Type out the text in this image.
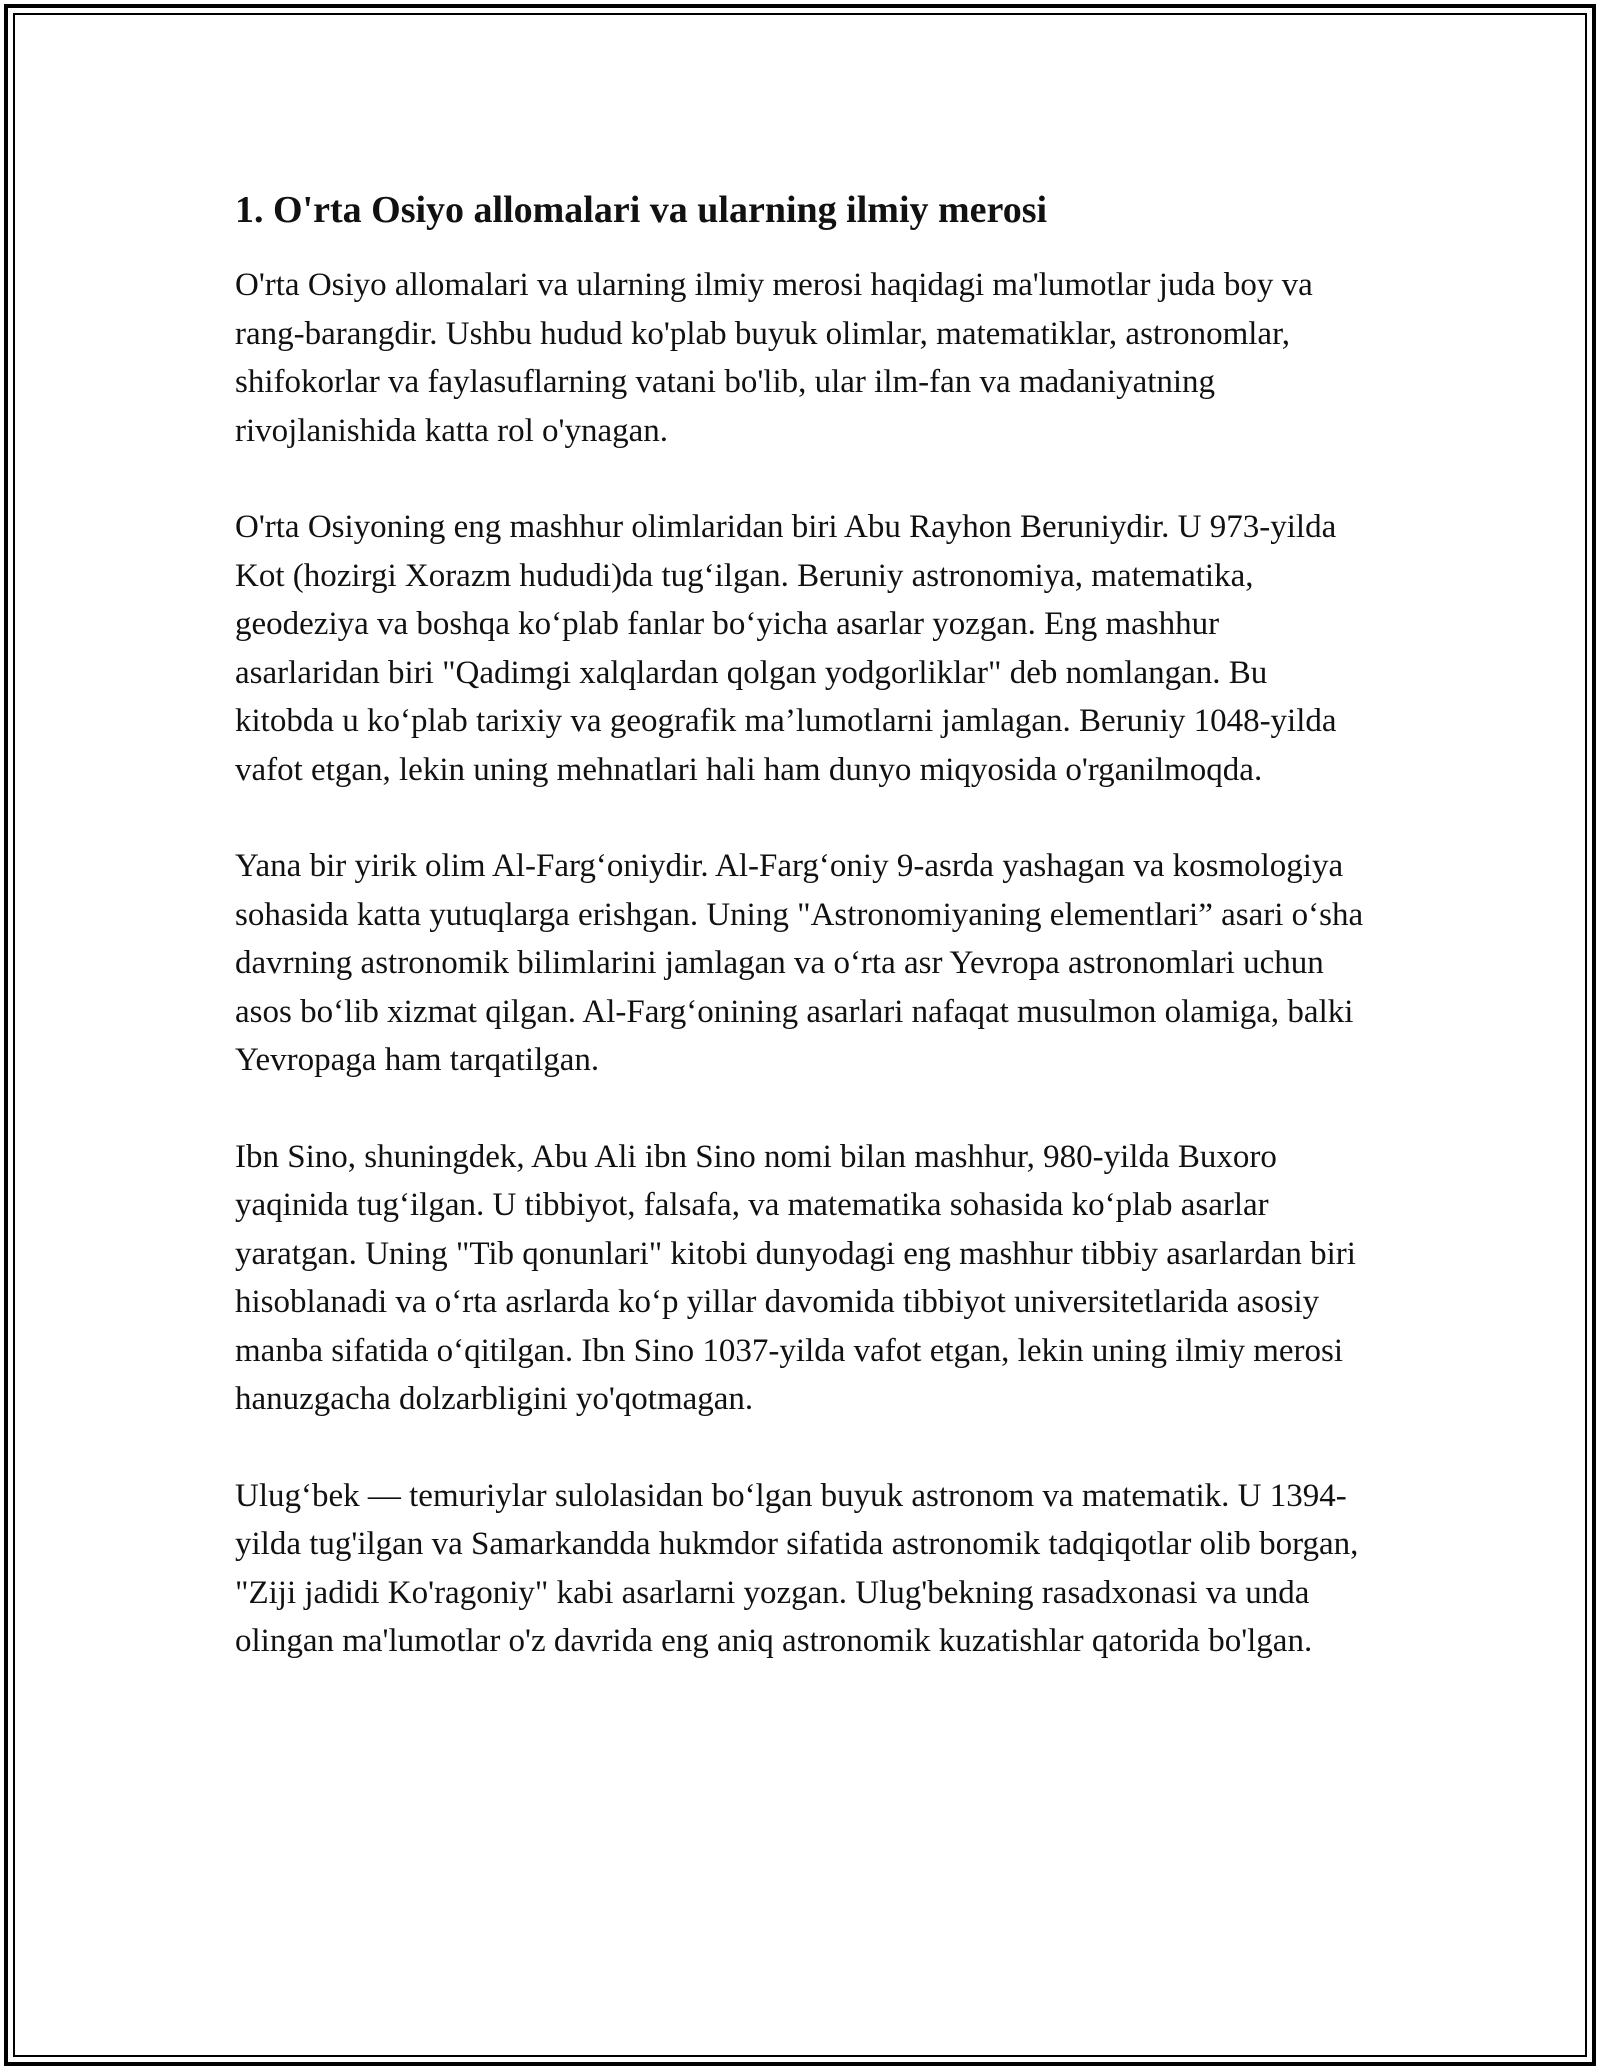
1. O'rta Osiyo allomalari va ularning ilmiy merosi

O'rta Osiyo allomalari va ularning ilmiy merosi haqidagi ma'lumotlar juda boy va rang-barangdir. Ushbu hudud ko'plab buyuk olimlar, matematiklar, astronomlar, shifokorlar va faylasuflarning vatani bo'lib, ular ilm-fan va madaniyatning rivojlanishida katta rol o'ynagan.

O'rta Osiyoning eng mashhur olimlaridan biri Abu Rayhon Beruniydir. U 973-yilda Kot (hozirgi Xorazm hududi)da tug‘ilgan. Beruniy astronomiya, matematika, geodeziya va boshqa ko‘plab fanlar bo‘yicha asarlar yozgan. Eng mashhur asarlaridan biri "Qadimgi xalqlardan qolgan yodgorliklar" deb nomlangan. Bu kitobda u ko‘plab tarixiy va geografik ma’lumotlarni jamlagan. Beruniy 1048-yilda vafot etgan, lekin uning mehnatlari hali ham dunyo miqyosida o'rganilmoqda.

Yana bir yirik olim Al-Farg‘oniydir. Al-Farg‘oniy 9-asrda yashagan va kosmologiya sohasida katta yutuqlarga erishgan. Uning "Astronomiyaning elementlari” asari o‘sha davrning astronomik bilimlarini jamlagan va o‘rta asr Yevropa astronomlari uchun asos bo‘lib xizmat qilgan. Al-Farg‘onining asarlari nafaqat musulmon olamiga, balki Yevropaga ham tarqatilgan.

Ibn Sino, shuningdek, Abu Ali ibn Sino nomi bilan mashhur, 980-yilda Buxoro yaqinida tug‘ilgan. U tibbiyot, falsafa, va matematika sohasida ko‘plab asarlar yaratgan. Uning "Tib qonunlari" kitobi dunyodagi eng mashhur tibbiy asarlardan biri hisoblanadi va o‘rta asrlarda ko‘p yillar davomida tibbiyot universitetlarida asosiy manba sifatida o‘qitilgan. Ibn Sino 1037-yilda vafot etgan, lekin uning ilmiy merosi hanuzgacha dolzarbligini yo'qotmagan.

Ulug‘bek — temuriylar sulolasidan bo‘lgan buyuk astronom va matematik. U 1394-yilda tug'ilgan va Samarkandda hukmdor sifatida astronomik tadqiqotlar olib borgan, "Ziji jadidi Ko'ragoniy" kabi asarlarni yozgan. Ulug'bekning rasadxonasi va unda olingan ma'lumotlar o'z davrida eng aniq astronomik kuzatishlar qatorida bo'lgan.
